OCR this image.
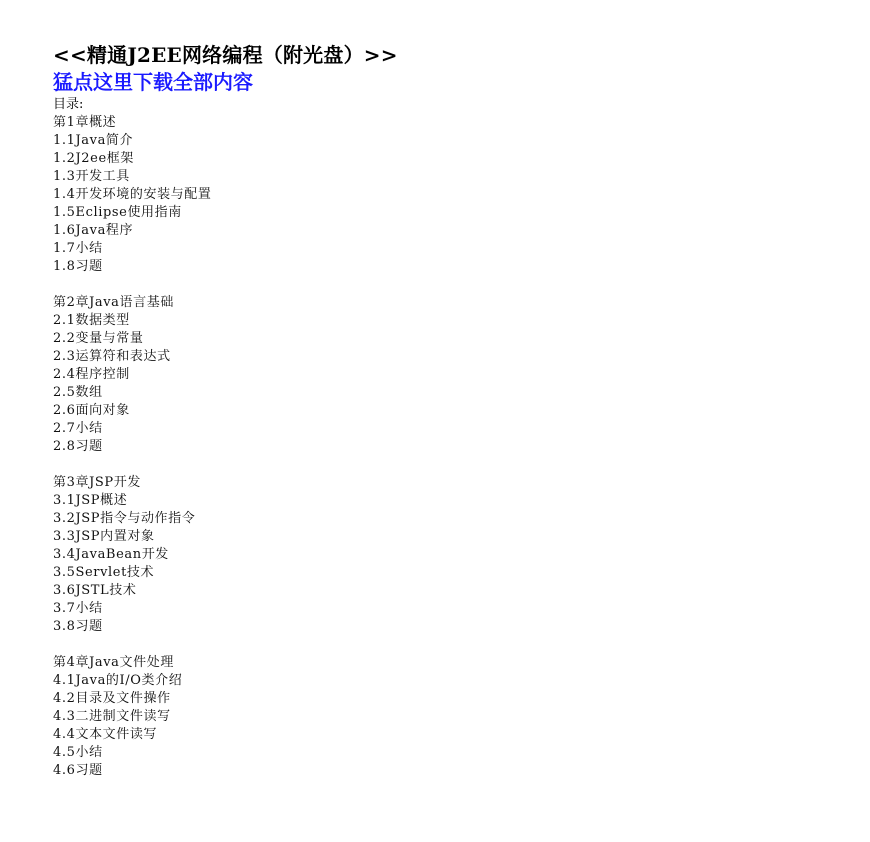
<<精通J2EE网络编程（附光盘）>>
猛点这里下载全部内容
目录:
第1章概述
1.1Java简介
1.2J2ee框架
1.3开发工具
1.4开发环境的安装与配置
1.5Eclipse使用指南
1.6Java程序
1.7小结
1.8习题
第2章Java语言基础
2.1数据类型
2.2变量与常量
2.3运算符和表达式
2.4程序控制
2.5数组
2.6面向对象
2.7小结
2.8习题
第3章JSP开发
3.1JSP概述
3.2JSP指令与动作指令
3.3JSP内置对象
3.4JavaBean开发
3.5Servlet技术
3.6JSTL技术
3.7小结
3.8习题
第4章Java文件处理
4.1Java的I/O类介绍
4.2目录及文件操作
4.3二进制文件读写
4.4文本文件读写
4.5小结
4.6习题
